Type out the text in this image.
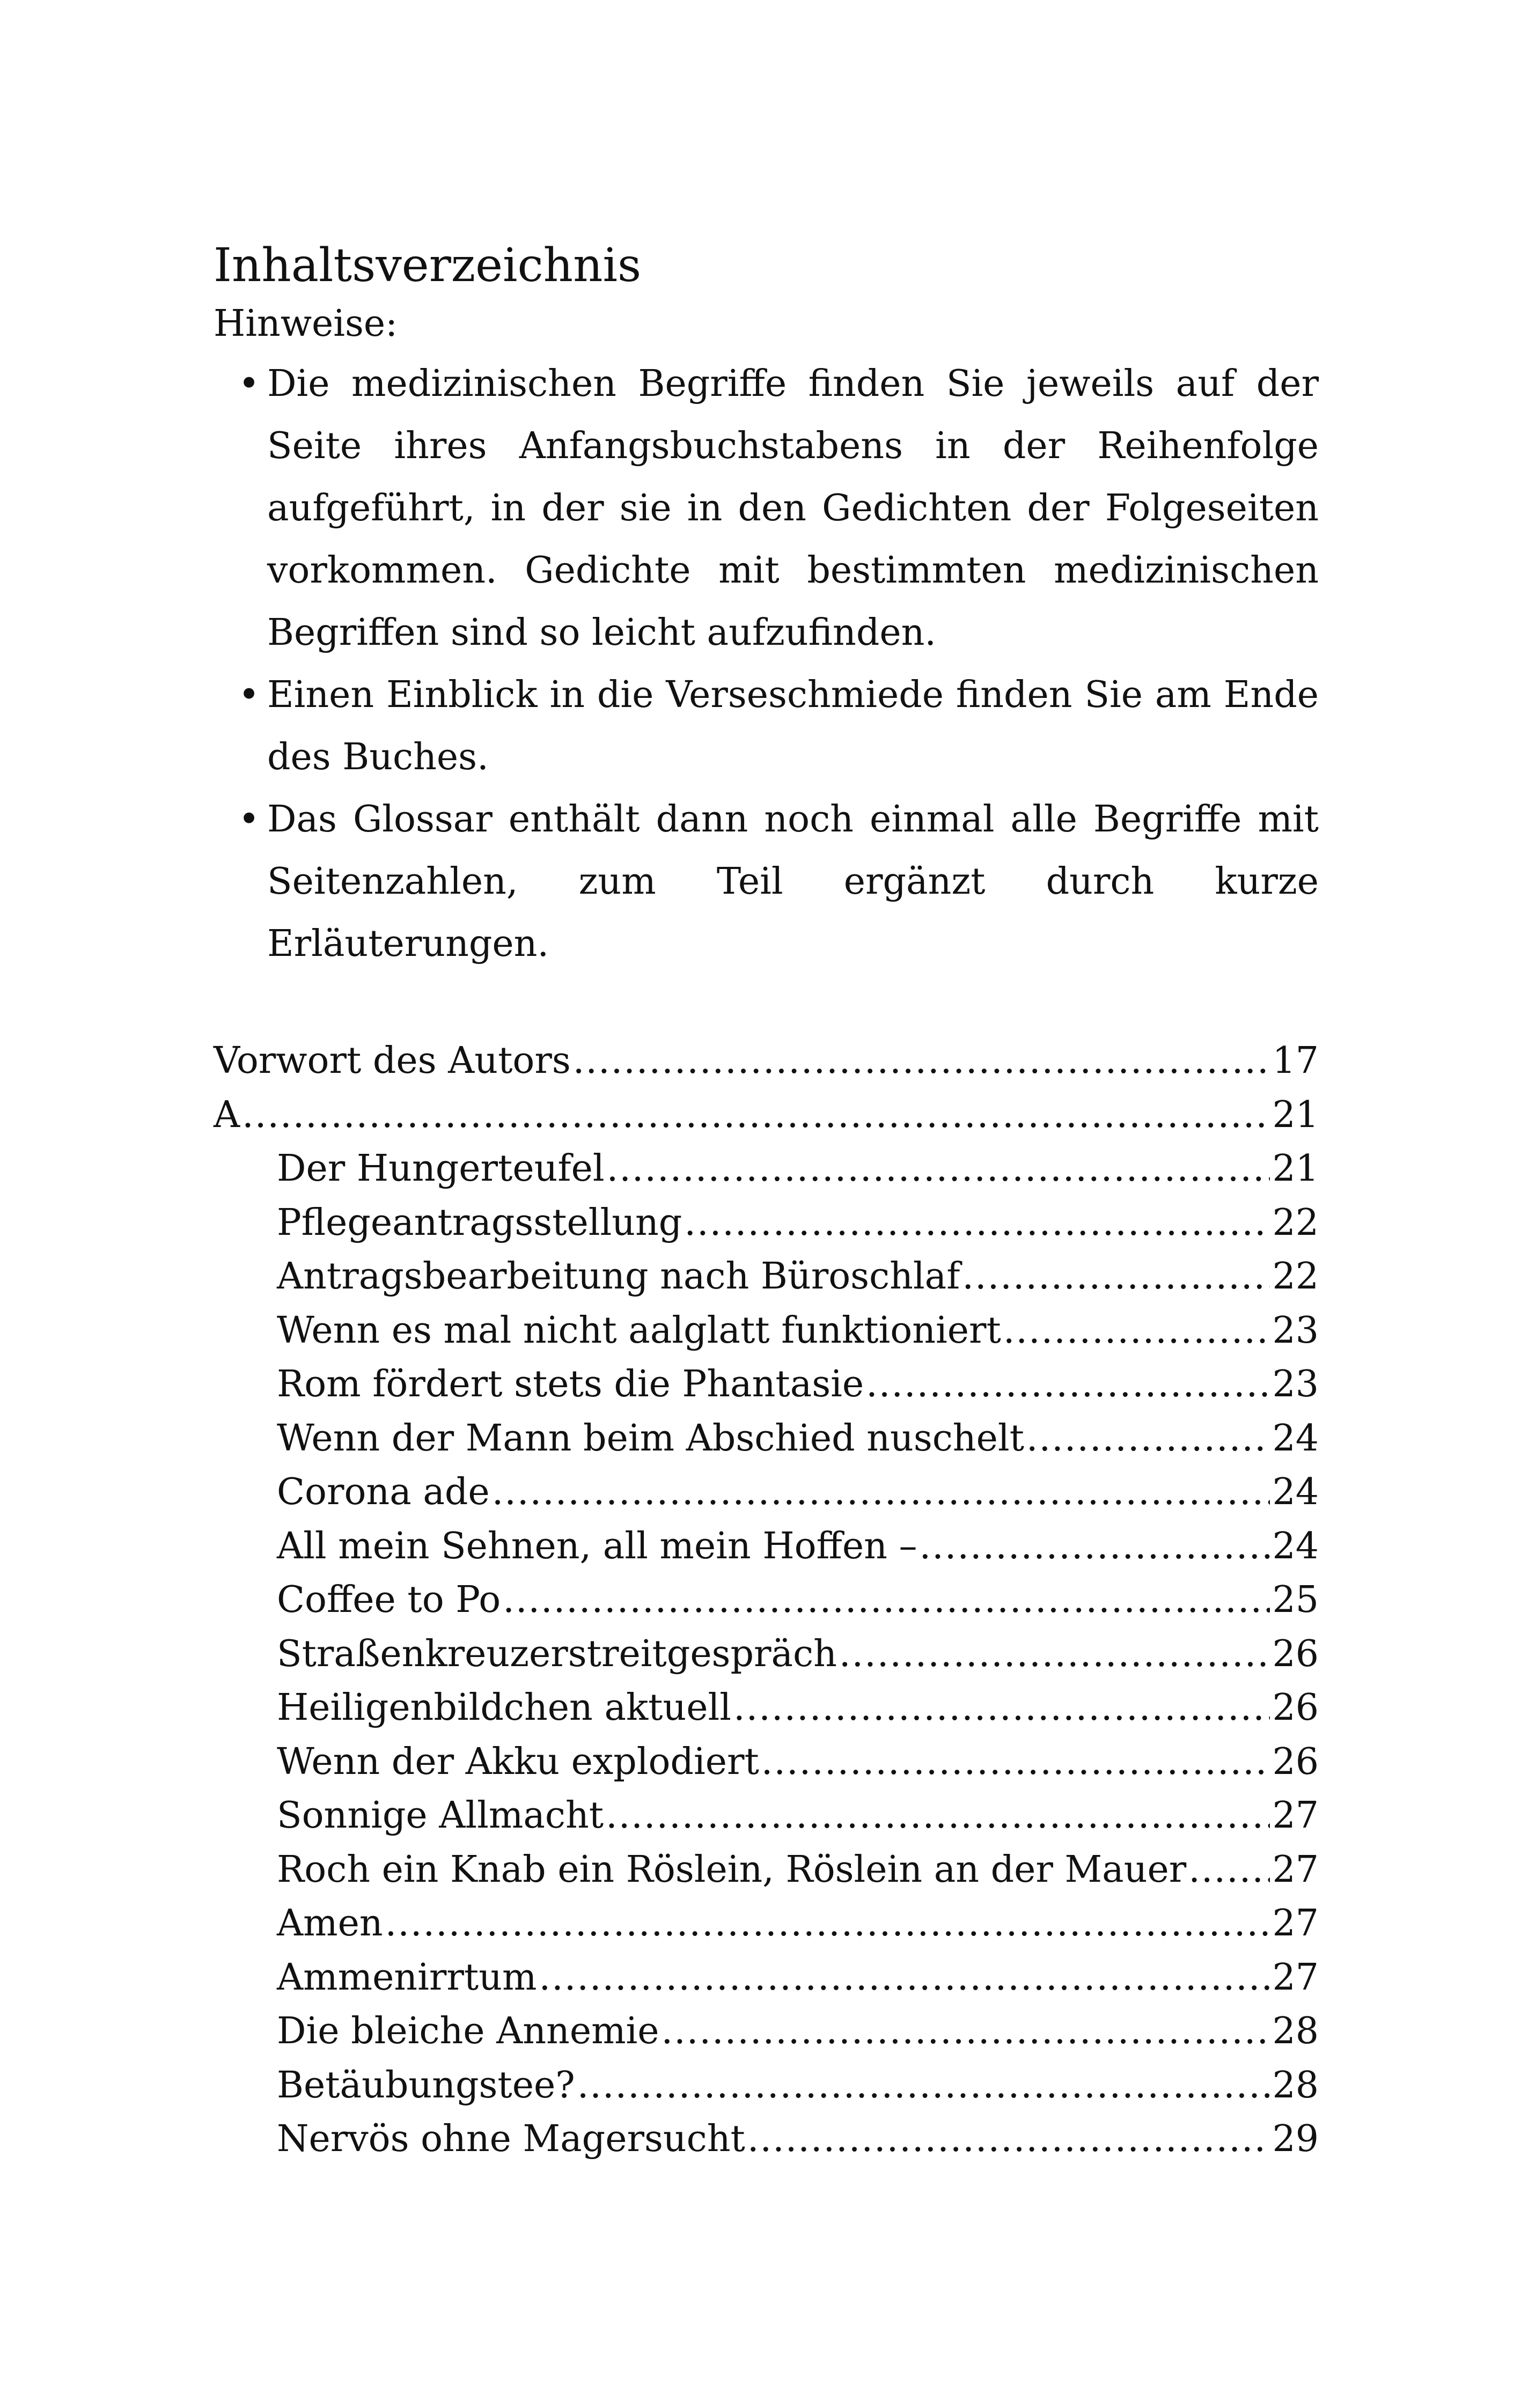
Inhaltsverzeichnis

Hinweise:

• Die medizinischen Begriffe finden Sie jeweils auf der Seite ihres Anfangsbuchstabens in der Reihenfolge aufgeführt, in der sie in den Gedichten der Folgeseiten vorkommen. Gedichte mit bestimmten medizinischen Begriffen sind so leicht aufzufinden.
• Einen Einblick in die Verseschmiede finden Sie am Ende des Buches.
• Das Glossar enthält dann noch einmal alle Begriffe mit Seitenzahlen, zum Teil ergänzt durch kurze Erläuterungen.
Vorwort des Autors .....	17
A .....	21
Der Hungerteufel .....	21
Pflegeantragsstellung .....	22
Antragsbearbeitung nach Büroschlaf .....	22
Wenn es mal nicht aalglatt funktioniert .....	23
Rom fördert stets die Phantasie .....	23
Wenn der Mann beim Abschied nuschelt .....	24
Corona ade .....	24
All mein Sehnen, all mein Hoffen – .....	24
Coffee to Po .....	25
Straßenkreuzerstreitgespräch .....	26
Heiligenbildchen aktuell .....	26
Wenn der Akku explodiert .....	26
Sonnige Allmacht .....	27
Roch ein Knab ein Röslein, Röslein an der Mauer ..... 27
Amen .....	27
Ammenirrtum .....	27
Die bleiche Annemie .....	28
Betäubungstee? .....	28
Nervös ohne Magersucht .....	29
